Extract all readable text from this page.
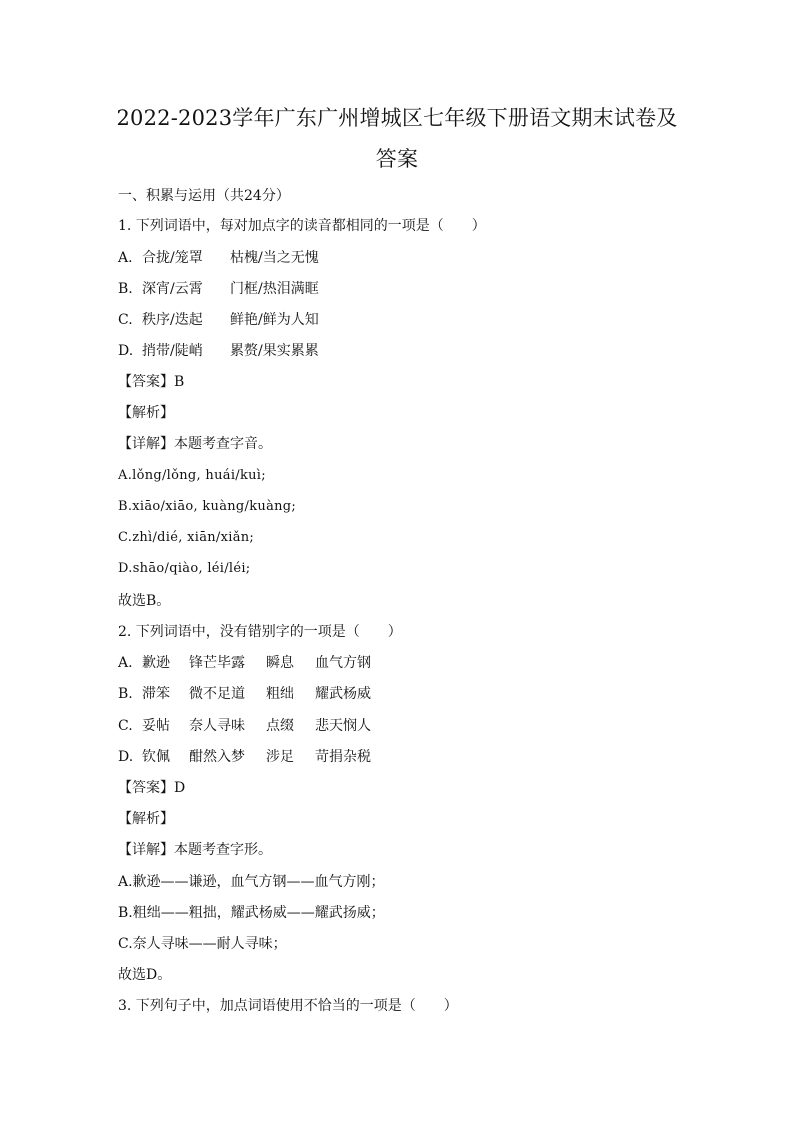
2022-2023学年广东广州增城区七年级下册语文期末试卷及
答案
一、积累与运用（共24分）
1. 下列词语中，每对加点字的读音都相同的一项是（　　）
A. 合拢/笼罩 枯槐/当之无愧
B. 深宵/云霄 门框/热泪满眶
C. 秩序/迭起 鲜艳/鲜为人知
D. 捎带/陡峭 累赘/果实累累
【答案】B
【解析】
【详解】本题考查字音。
A.lǒng/lǒng, huái/kuì;
B.xiāo/xiāo, kuàng/kuàng;
C.zhì/dié, xiān/xiǎn;
D.shāo/qiào, léi/léi;
故选B。
2. 下列词语中，没有错别字的一项是（　　）
A. 歉逊 锋芒毕露 瞬息 血气方钢
B. 滞笨 微不足道 粗绌 耀武杨威
C. 妥帖 奈人寻味 点缀 悲天悯人
D. 钦佩 酣然入梦 涉足 苛捐杂税
【答案】D
【解析】
【详解】本题考查字形。
A.歉逊——谦逊，血气方钢——血气方刚；
B.粗绌——粗拙，耀武杨威——耀武扬威；
C.奈人寻味——耐人寻味；
故选D。
3. 下列句子中，加点词语使用不恰当的一项是（　　）
